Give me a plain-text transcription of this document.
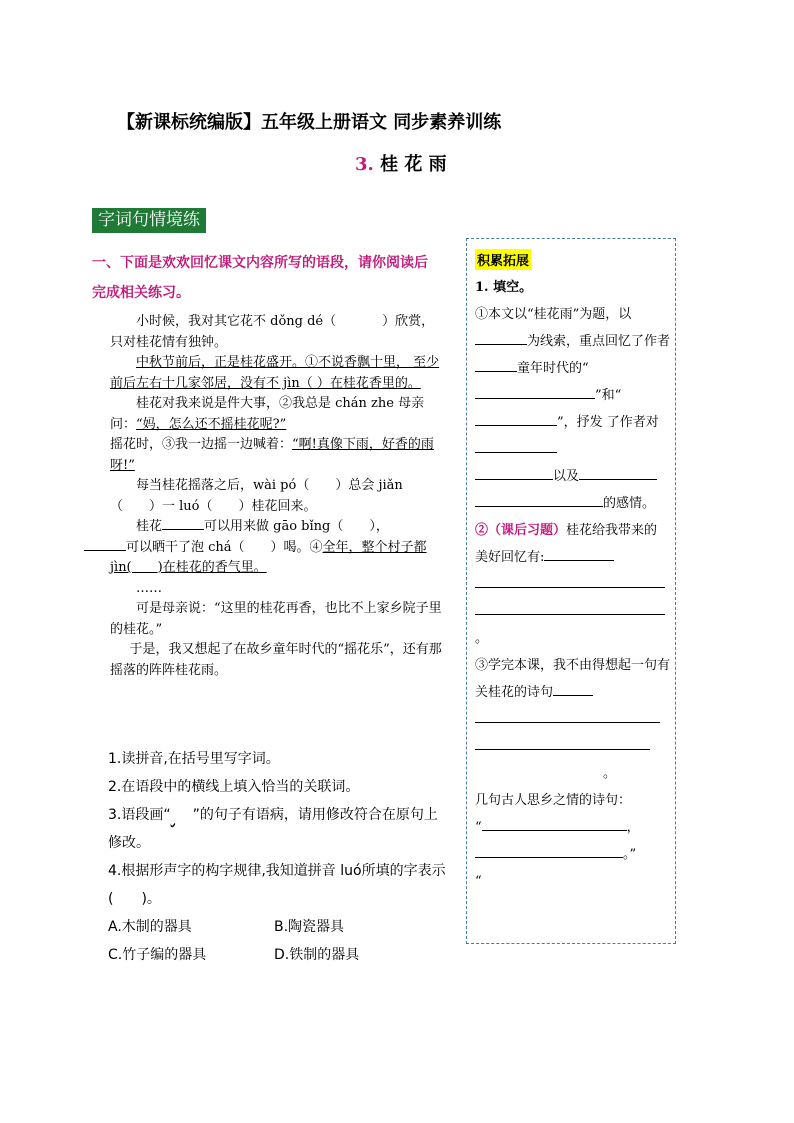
【新课标统编版】五年级上册语文 同步素养训练
3. 桂 花 雨
字词句情境练
一、下面是欢欢回忆课文内容所写的语段，请你阅读后完成相关练习。

小时候，我对其它花不 dǒng dé（	）欣赏，只对桂花情有独钟。

中秋节前后，正是桂花盛开。①不说香飘十里， 至少前后左右十几家邻居，没有不 jìn（ ）在桂花香里的。

桂花对我来说是件大事，②我总是 chán zhe 母亲问：“妈，怎么还不摇桂花呢?”

摇花时，③我一边摇一边喊着：“啊!真像下雨，好香的雨呀!”

每当桂花摇落之后，wài pó（　　）总会 jiǎn（　　）一 luó（　　）桂花回来。

桂花	可以用来做 gāo bǐng（　　），
可以晒干了泡 chá（　　）喝。④全年，整个村子都 jìn(　　)在桂花的香气里。

……

可是母亲说：“这里的桂花再香，也比不上家乡院子里的桂花。”

于是，我又想起了在故乡童年时代的“摇花乐”，还有那摇落的阵阵桂花雨。

1.读拼音,在括号里写字词。

2.在语段中的横线上填入恰当的关联词。

3.语段画“ ”的句子有语病，请用修改符合在原句上修改。

4.根据形声字的构字规律,我知道拼音 luó所填的字表示(　　)。

A.木制的器具	B.陶瓷器具
C.竹子编的器具	D.铁制的器具
积累拓展

1. 填空。

①本文以“桂花雨”为题，以为线索，重点回忆了作者童年时代的“”和“”，抒发 了作者对
以及
的感情。

②（课后习题）桂花给我带来的美好回忆有:

。

③学完本课，我不由得想起一句有关桂花的诗句

。

几句古人思乡之情的诗句：
“	，
。”
“
